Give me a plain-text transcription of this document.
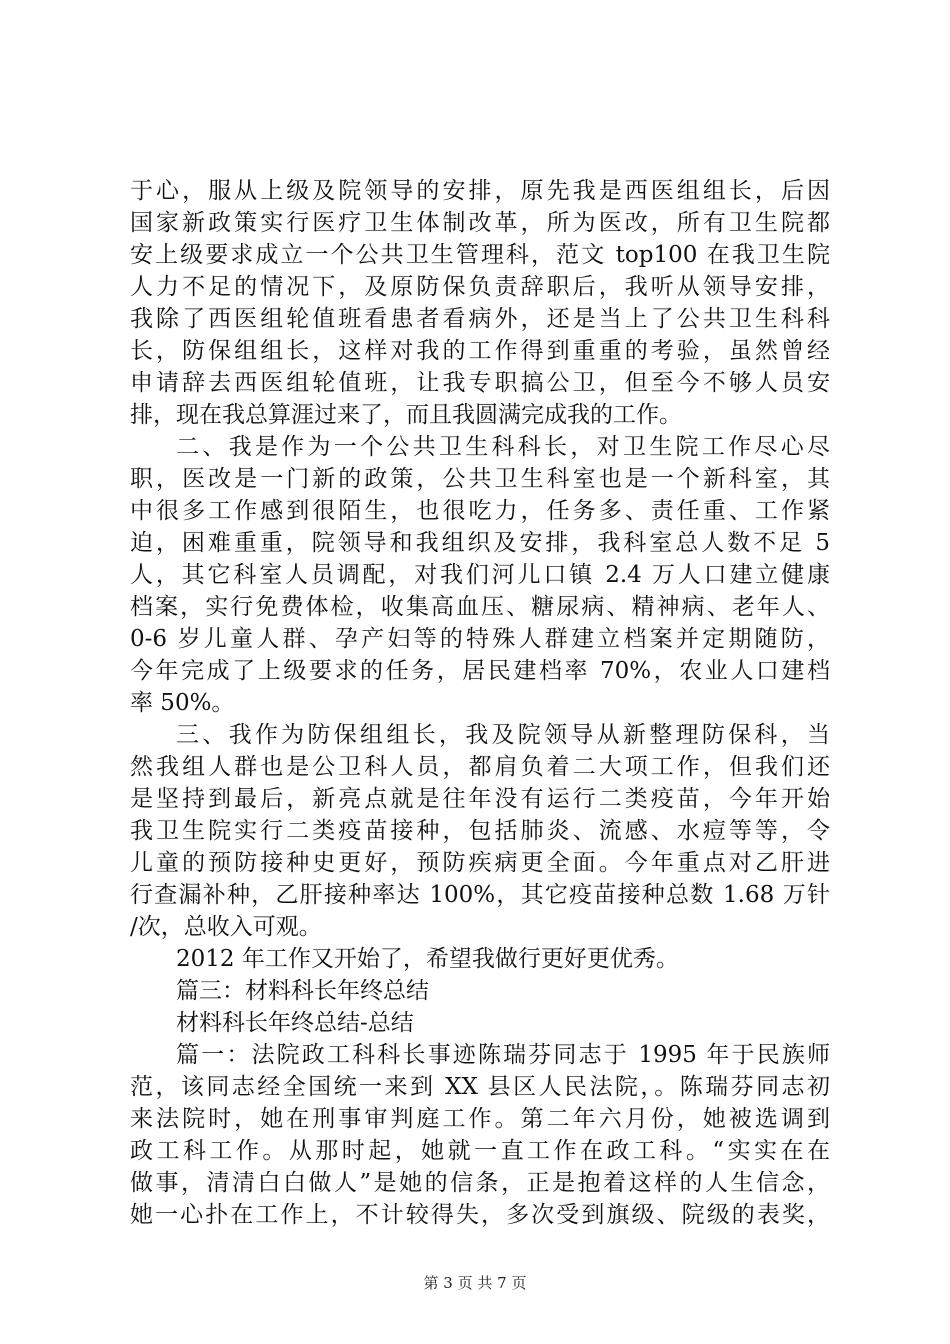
于心，服从上级及院领导的安排，原先我是西医组组长，后因
国家新政策实行医疗卫生体制改革，所为医改，所有卫生院都
安上级要求成立一个公共卫生管理科，范文 top100 在我卫生院
人力不足的情况下，及原防保负责辞职后，我听从领导安排，
我除了西医组轮值班看患者看病外，还是当上了公共卫生科科
长，防保组组长，这样对我的工作得到重重的考验，虽然曾经
申请辞去西医组轮值班，让我专职搞公卫，但至今不够人员安
排，现在我总算涯过来了，而且我圆满完成我的工作。
二、我是作为一个公共卫生科科长，对卫生院工作尽心尽
职，医改是一门新的政策，公共卫生科室也是一个新科室，其
中很多工作感到很陌生，也很吃力，任务多、责任重、工作紧
迫，困难重重，院领导和我组织及安排，我科室总人数不足 5
人，其它科室人员调配，对我们河儿口镇 2.4 万人口建立健康
档案，实行免费体检，收集高血压、糖尿病、精神病、老年人、
0-6 岁儿童人群、孕产妇等的特殊人群建立档案并定期随防，
今年完成了上级要求的任务，居民建档率 70%，农业人口建档
率 50%。
三、我作为防保组组长，我及院领导从新整理防保科，当
然我组人群也是公卫科人员，都肩负着二大项工作，但我们还
是坚持到最后，新亮点就是往年没有运行二类疫苗，今年开始
我卫生院实行二类疫苗接种，包括肺炎、流感、水痘等等，令
儿童的预防接种史更好，预防疾病更全面。今年重点对乙肝进
行查漏补种，乙肝接种率达 100%，其它疫苗接种总数 1.68 万针
/次，总收入可观。
2012 年工作又开始了，希望我做行更好更优秀。
篇三：材料科长年终总结
材料科长年终总结-总结
篇一：法院政工科科长事迹陈瑞芬同志于 1995 年于民族师
范，该同志经全国统一来到 XX 县区人民法院，。陈瑞芬同志初
来法院时，她在刑事审判庭工作。第二年六月份，她被选调到
政工科工作。从那时起，她就一直工作在政工科。“实实在在
做事，清清白白做人”是她的信条，正是抱着这样的人生信念，
她一心扑在工作上，不计较得失，多次受到旗级、院级的表奖，
第 3 页 共 7 页
